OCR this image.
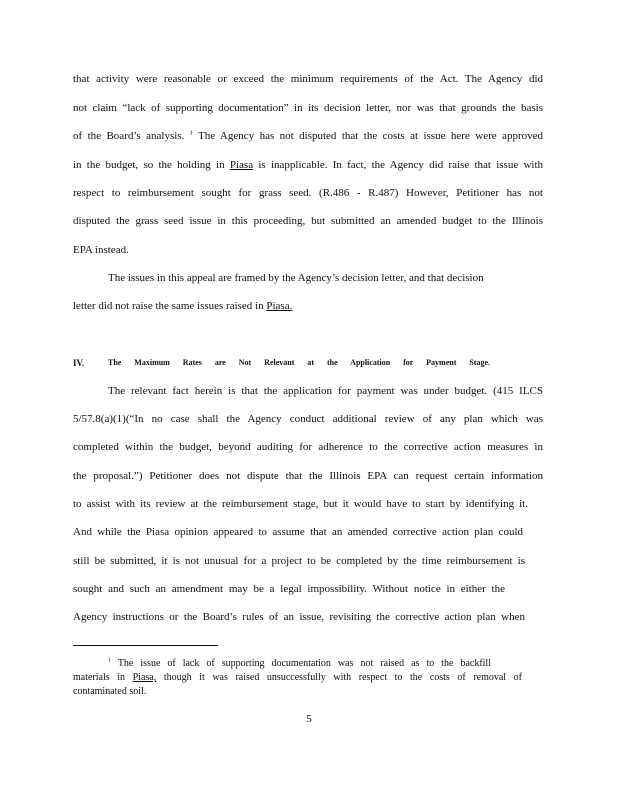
that activity were reasonable or exceed the minimum requirements of the Act. The Agency did
not claim “lack of supporting documentation” in its decision letter, nor was that grounds the basis
of the Board’s analysis. $^1$ The Agency has not disputed that the costs at issue here were approved
in the budget, so the holding in Piasa is inapplicable. In fact, the Agency did raise that issue with
respect to reimbursement sought for grass seed. (R.486 - R.487) However, Petitioner has not
disputed the grass seed issue in this proceeding, but submitted an amended budget to the Illinois
EPA instead.
The issues in this appeal are framed by the Agency’s decision letter, and that decision
letter did not raise the same issues raised in Piasa.
IV.	The Maximum Rates are Not Relevant at the Application for Payment Stage.
The relevant fact herein is that the application for payment was under budget. (415 ILCS
5/57.8(a)(1)(“In no case shall the Agency conduct additional review of any plan which was
completed within the budget, beyond auditing for adherence to the corrective action measures in
the proposal.”) Petitioner does not dispute that the Illinois EPA can request certain information
to assist with its review at the reimbursement stage, but it would have to start by identifying it.
And while the Piasa opinion appeared to assume that an amended corrective action plan could
still be submitted, it is not unusual for a project to be completed by the time reimbursement is
sought and such an amendment may be a legal impossibility. Without notice in either the
Agency instructions or the Board’s rules of an issue, revisiting the corrective action plan when
$^1$ The issue of lack of supporting documentation was not raised as to the backfill
materials in Piasa, though it was raised unsuccessfully with respect to the costs of removal of
contaminated soil.
5
